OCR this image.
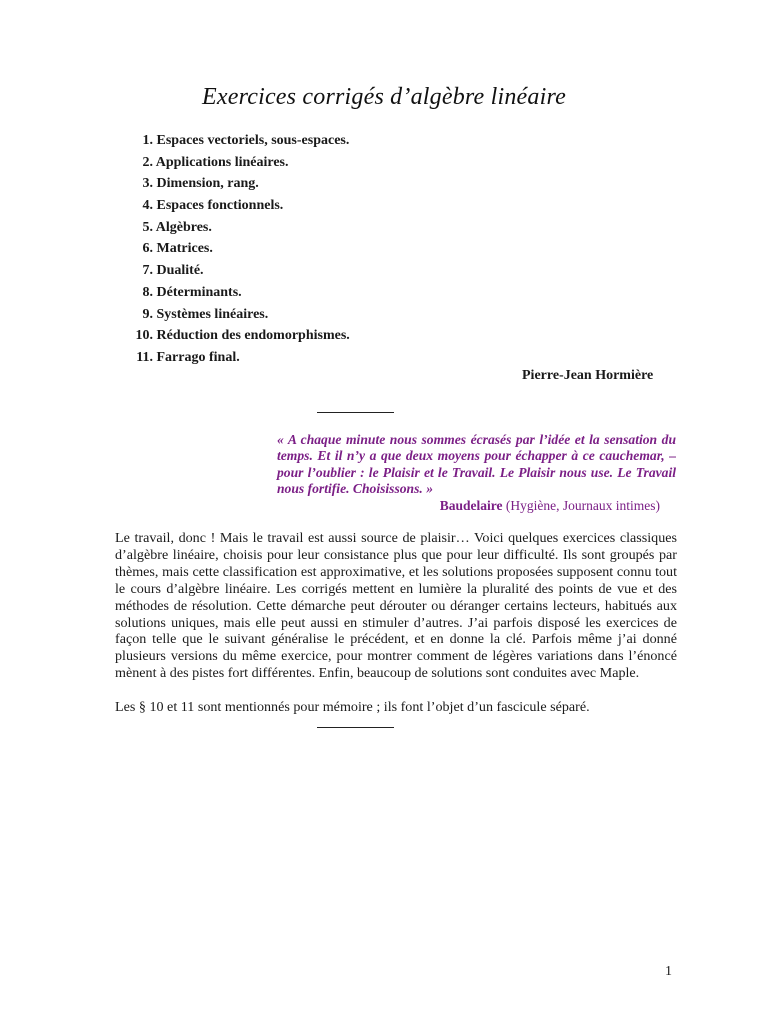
Exercices corrigés d’algèbre linéaire
1. Espaces vectoriels, sous-espaces.
2. Applications linéaires.
3. Dimension, rang.
4. Espaces fonctionnels.
5. Algèbres.
6. Matrices.
7. Dualité.
8. Déterminants.
9. Systèmes linéaires.
10. Réduction des endomorphismes.
11. Farrago final.
Pierre-Jean Hormière

« A chaque minute nous sommes écrasés par l’idée et la sensation du temps. Et il n’y a que deux moyens pour échapper à ce cauchemar, – pour l’oublier : le Plaisir et le Travail. Le Plaisir nous use. Le Travail nous fortifie. Choisissons. »

Baudelaire (Hygiène, Journaux intimes)

Le travail, donc ! Mais le travail est aussi source de plaisir… Voici quelques exercices classiques d’algèbre linéaire, choisis pour leur consistance plus que pour leur difficulté. Ils sont groupés par thèmes, mais cette classification est approximative, et les solutions proposées supposent connu tout le cours d’algèbre linéaire. Les corrigés mettent en lumière la pluralité des points de vue et des méthodes de résolution. Cette démarche peut dérouter ou déranger certains lecteurs, habitués aux solutions uniques, mais elle peut aussi en stimuler d’autres. J’ai parfois disposé les exercices de façon telle que le suivant généralise le précédent, et en donne la clé. Parfois même j’ai donné plusieurs versions du même exercice, pour montrer comment de légères variations dans l’énoncé mènent à des pistes fort différentes. Enfin, beaucoup de solutions sont conduites avec Maple.

Les § 10 et 11 sont mentionnés pour mémoire ; ils font l’objet d’un fascicule séparé.

1
